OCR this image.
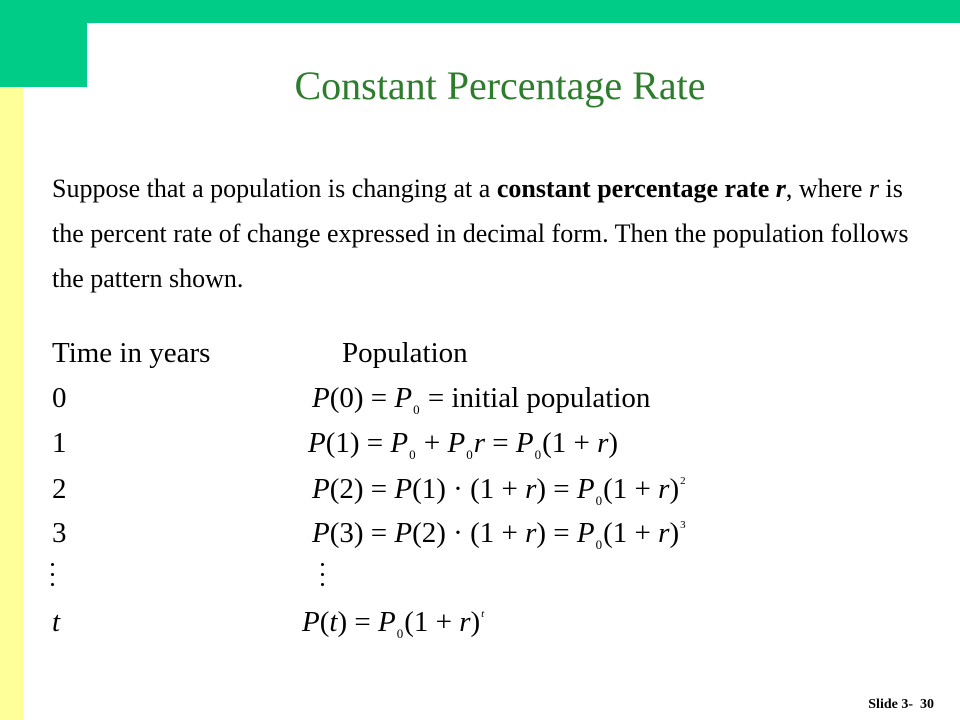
Constant Percentage Rate
Suppose that a population is changing at a constant percentage rate r, where r is the percent rate of change expressed in decimal form. Then the population follows the pattern shown.
Time in years	Population
0	$P(0) = P_0$ = initial population
1	$P(1) = P_0 + P_0r = P_0(1 + r)$
2	$P(2) = P(1) \cdot (1 + r) = P_0(1 + r)^2$
3	$P(3) = P(2) \cdot (1 + r) = P_0(1 + r)^3$
t	$P(t) = P_0(1 + r)^t$
Slide 3-  30
